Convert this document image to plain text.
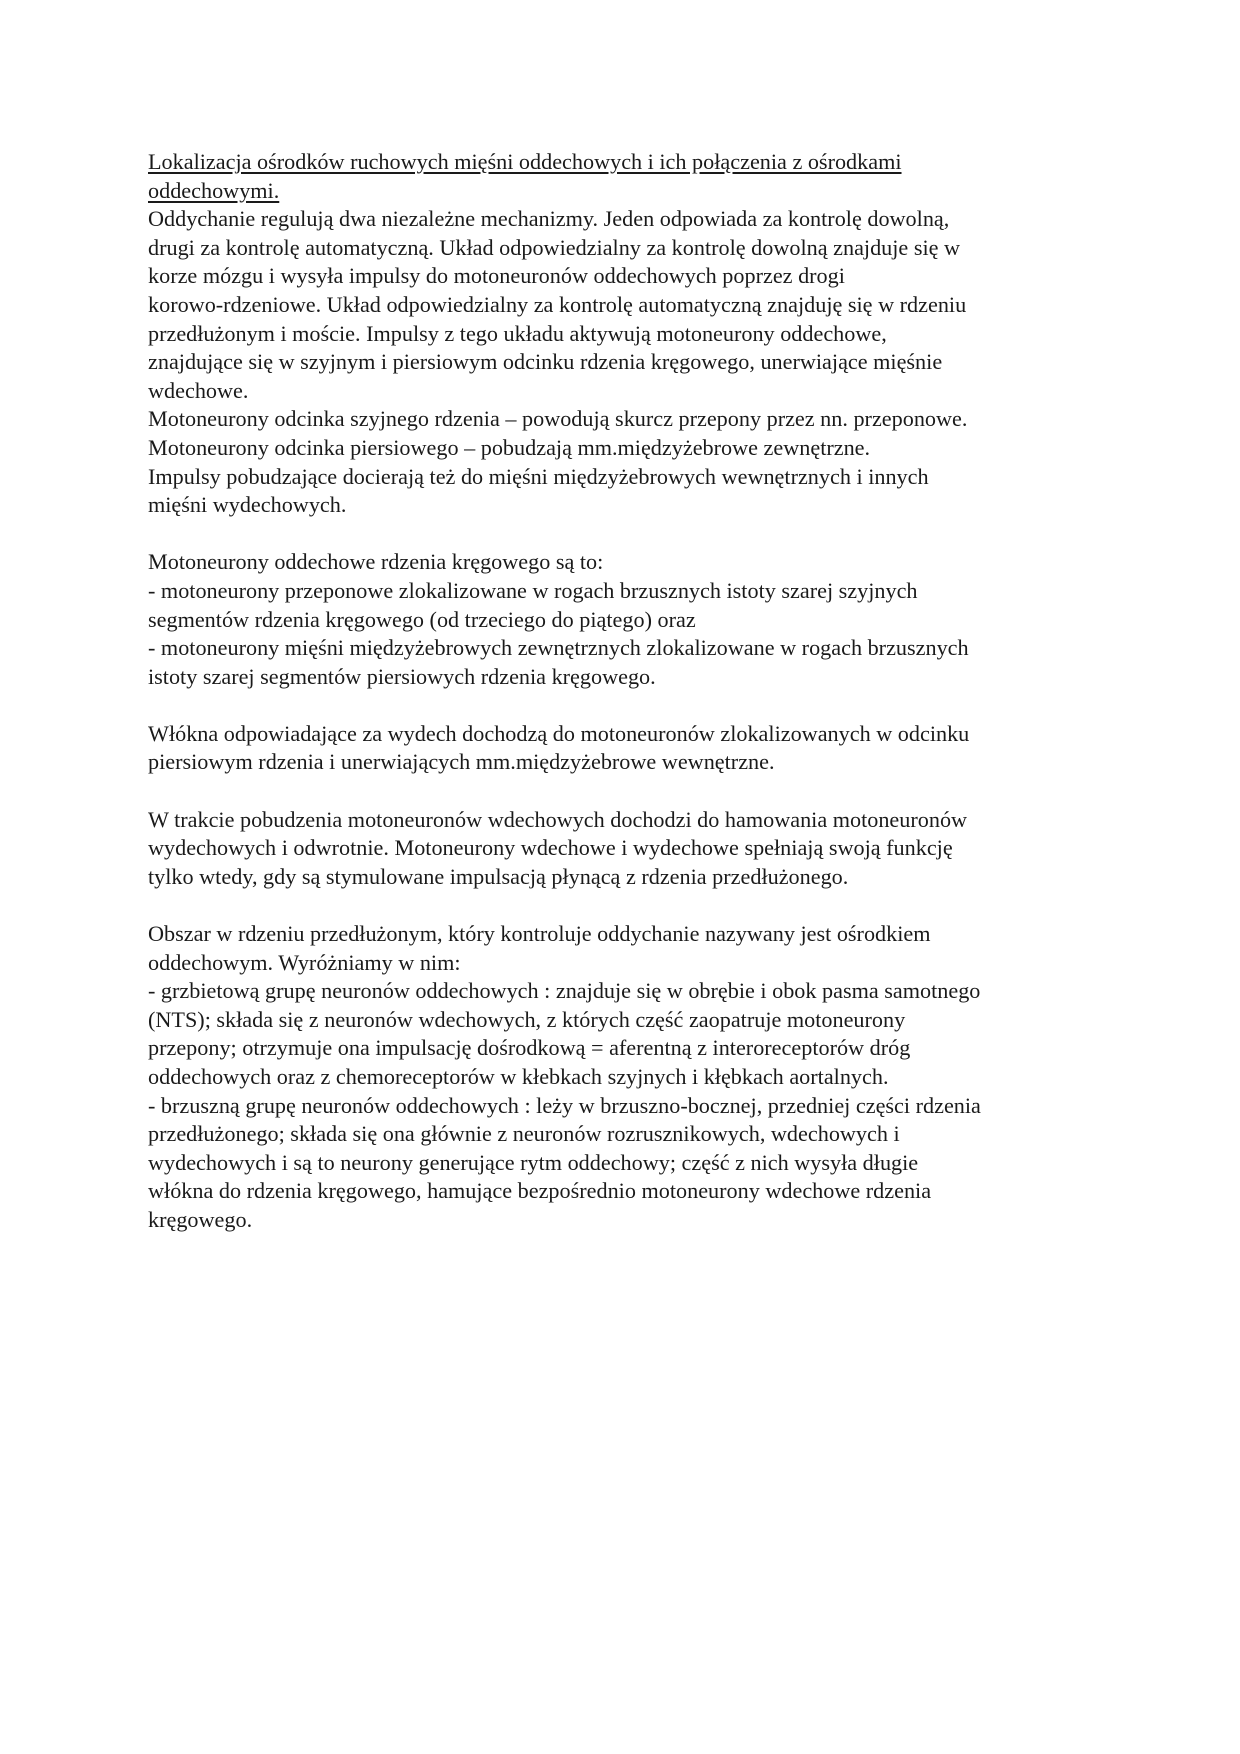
Lokalizacja ośrodków ruchowych mięśni oddechowych i ich połączenia z ośrodkami
oddechowymi.

Oddychanie regulują dwa niezależne mechanizmy. Jeden odpowiada za kontrolę dowolną,
drugi za kontrolę automatyczną. Układ odpowiedzialny za kontrolę dowolną znajduje się w
korze mózgu i wysyła impulsy do motoneuronów oddechowych poprzez drogi
korowo-rdzeniowe. Układ odpowiedzialny za kontrolę automatyczną znajduję się w rdzeniu
przedłużonym i moście. Impulsy z tego układu aktywują motoneurony oddechowe,
znajdujące się w szyjnym i piersiowym odcinku rdzenia kręgowego, unerwiające mięśnie
wdechowe.
Motoneurony odcinka szyjnego rdzenia – powodują skurcz przepony przez nn. przeponowe.
Motoneurony odcinka piersiowego – pobudzają mm.międzyżebrowe zewnętrzne.
Impulsy pobudzające docierają też do mięśni międzyżebrowych wewnętrznych i innych
mięśni wydechowych.

Motoneurony oddechowe rdzenia kręgowego są to:
- motoneurony przeponowe zlokalizowane w rogach brzusznych istoty szarej szyjnych
segmentów rdzenia kręgowego (od trzeciego do piątego) oraz
- motoneurony mięśni międzyżebrowych zewnętrznych zlokalizowane w rogach brzusznych
istoty szarej segmentów piersiowych rdzenia kręgowego.

Włókna odpowiadające za wydech dochodzą do motoneuronów zlokalizowanych w odcinku
piersiowym rdzenia i unerwiających mm.międzyżebrowe wewnętrzne.

W trakcie pobudzenia motoneuronów wdechowych dochodzi do hamowania motoneuronów
wydechowych i odwrotnie. Motoneurony wdechowe i wydechowe spełniają swoją funkcję
tylko wtedy, gdy są stymulowane impulsacją płynącą z rdzenia przedłużonego.

Obszar w rdzeniu przedłużonym, który kontroluje oddychanie nazywany jest ośrodkiem
oddechowym. Wyróżniamy w nim:
- grzbietową grupę neuronów oddechowych : znajduje się w obrębie i obok pasma samotnego
(NTS); składa się z neuronów wdechowych, z których część zaopatruje motoneurony
przepony; otrzymuje ona impulsację dośrodkową = aferentną z interoreceptorów dróg
oddechowych oraz z chemoreceptorów w kłebkach szyjnych i kłębkach aortalnych.
- brzuszną grupę neuronów oddechowych : leży w brzuszno-bocznej, przedniej części rdzenia
przedłużonego; składa się ona głównie z neuronów rozrusznikowych, wdechowych i
wydechowych i są to neurony generujące rytm oddechowy; część z nich wysyła długie
włókna do rdzenia kręgowego, hamujące bezpośrednio motoneurony wdechowe rdzenia
kręgowego.
